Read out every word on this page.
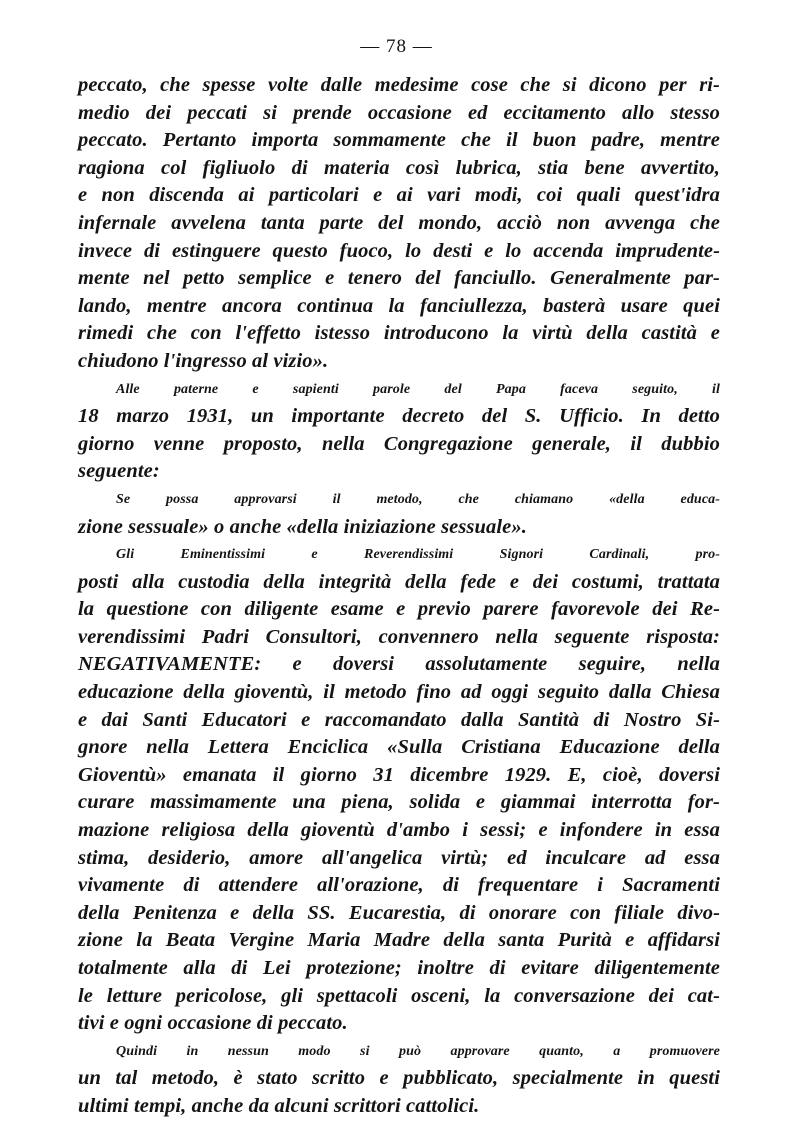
— 78 —
peccato, che spesse volte dalle medesime cose che si dicono per ri-
medio dei peccati si prende occasione ed eccitamento allo stesso
peccato. Pertanto importa sommamente che il buon padre, mentre
ragiona col figliuolo di materia così lubrica, stia bene avvertito,
e non discenda ai particolari e ai vari modi, coi quali quest'idra
infernale avvelena tanta parte del mondo, acciò non avvenga che
invece di estinguere questo fuoco, lo desti e lo accenda imprudente-
mente nel petto semplice e tenero del fanciullo. Generalmente par-
lando, mentre ancora continua la fanciullezza, basterà usare quei
rimedi che con l'effetto istesso introducono la virtù della castità e
chiudono l'ingresso al vizio».
Alle paterne e sapienti parole del Papa faceva seguito, il
18 marzo 1931, un importante decreto del S. Ufficio. In detto
giorno venne proposto, nella Congregazione generale, il dubbio
seguente:
Se possa approvarsi il metodo, che chiamano «della educa-
zione sessuale» o anche «della iniziazione sessuale».
Gli Eminentissimi e Reverendissimi Signori Cardinali, pro-
posti alla custodia della integrità della fede e dei costumi, trattata
la questione con diligente esame e previo parere favorevole dei Re-
verendissimi Padri Consultori, convennero nella seguente risposta:
NEGATIVAMENTE: e doversi assolutamente seguire, nella
educazione della gioventù, il metodo fino ad oggi seguito dalla Chiesa
e dai Santi Educatori e raccomandato dalla Santità di Nostro Si-
gnore nella Lettera Enciclica «Sulla Cristiana Educazione della
Gioventù» emanata il giorno 31 dicembre 1929. E, cioè, doversi
curare massimamente una piena, solida e giammai interrotta for-
mazione religiosa della gioventù d'ambo i sessi; e infondere in essa
stima, desiderio, amore all'angelica virtù; ed inculcare ad essa
vivamente di attendere all'orazione, di frequentare i Sacramenti
della Penitenza e della SS. Eucarestia, di onorare con filiale divo-
zione la Beata Vergine Maria Madre della santa Purità e affidarsi
totalmente alla di Lei protezione; inoltre di evitare diligentemente
le letture pericolose, gli spettacoli osceni, la conversazione dei cat-
tivi e ogni occasione di peccato.
Quindi in nessun modo si può approvare quanto, a promuovere
un tal metodo, è stato scritto e pubblicato, specialmente in questi
ultimi tempi, anche da alcuni scrittori cattolici.
